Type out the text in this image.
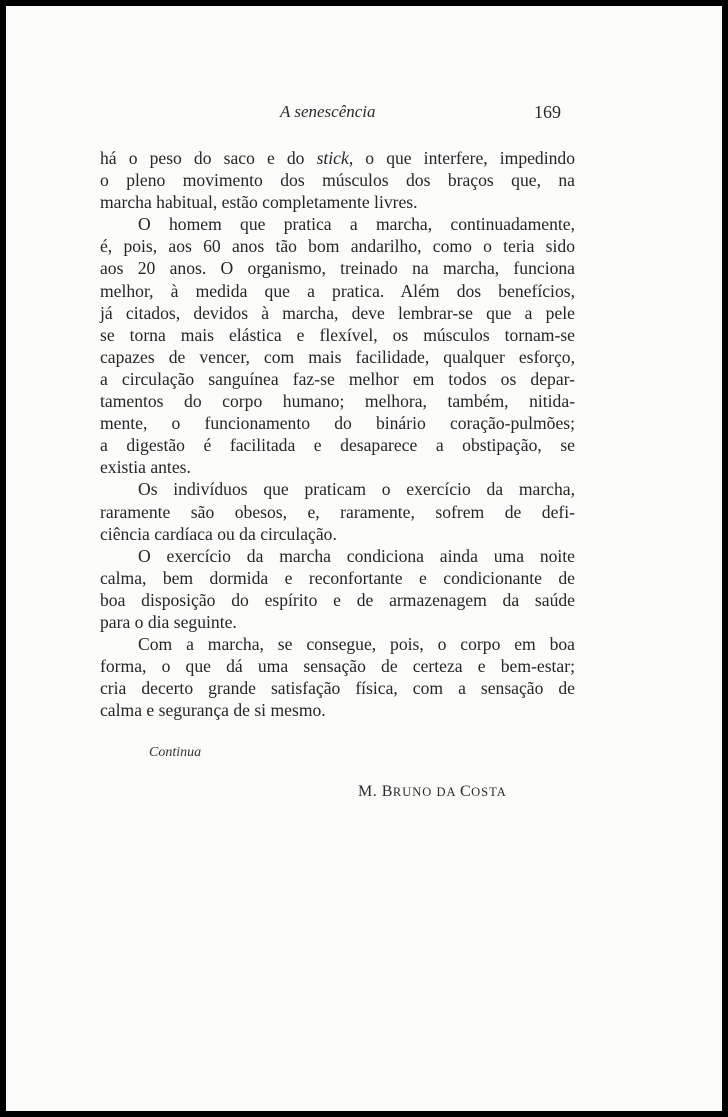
A senescência	169

há o peso do saco e do stick, o que interfere, impedindo
o pleno movimento dos músculos dos braços que, na
marcha habitual, estão completamente livres.

O homem que pratica a marcha, continuadamente,
é, pois, aos 60 anos tão bom andarilho, como o teria sido
aos 20 anos. O organismo, treinado na marcha, funciona
melhor, à medida que a pratica. Além dos benefícios,
já citados, devidos à marcha, deve lembrar-se que a pele
se torna mais elástica e flexível, os músculos tornam-se
capazes de vencer, com mais facilidade, qualquer esforço,
a circulação sanguínea faz-se melhor em todos os depar-
tamentos do corpo humano; melhora, também, nitida-
mente, o funcionamento do binário coração-pulmões;
a digestão é facilitada e desaparece a obstipação, se
existia antes.

Os indivíduos que praticam o exercício da marcha,
raramente são obesos, e, raramente, sofrem de defi-
ciência cardíaca ou da circulação.

O exercício da marcha condiciona ainda uma noite
calma, bem dormida e reconfortante e condicionante de
boa disposição do espírito e de armazenagem da saúde
para o dia seguinte.

Com a marcha, se consegue, pois, o corpo em boa
forma, o que dá uma sensação de certeza e bem-estar;
cria decerto grande satisfação física, com a sensação de
calma e segurança de si mesmo.

Continua
M. BRUNO DA COSTA
